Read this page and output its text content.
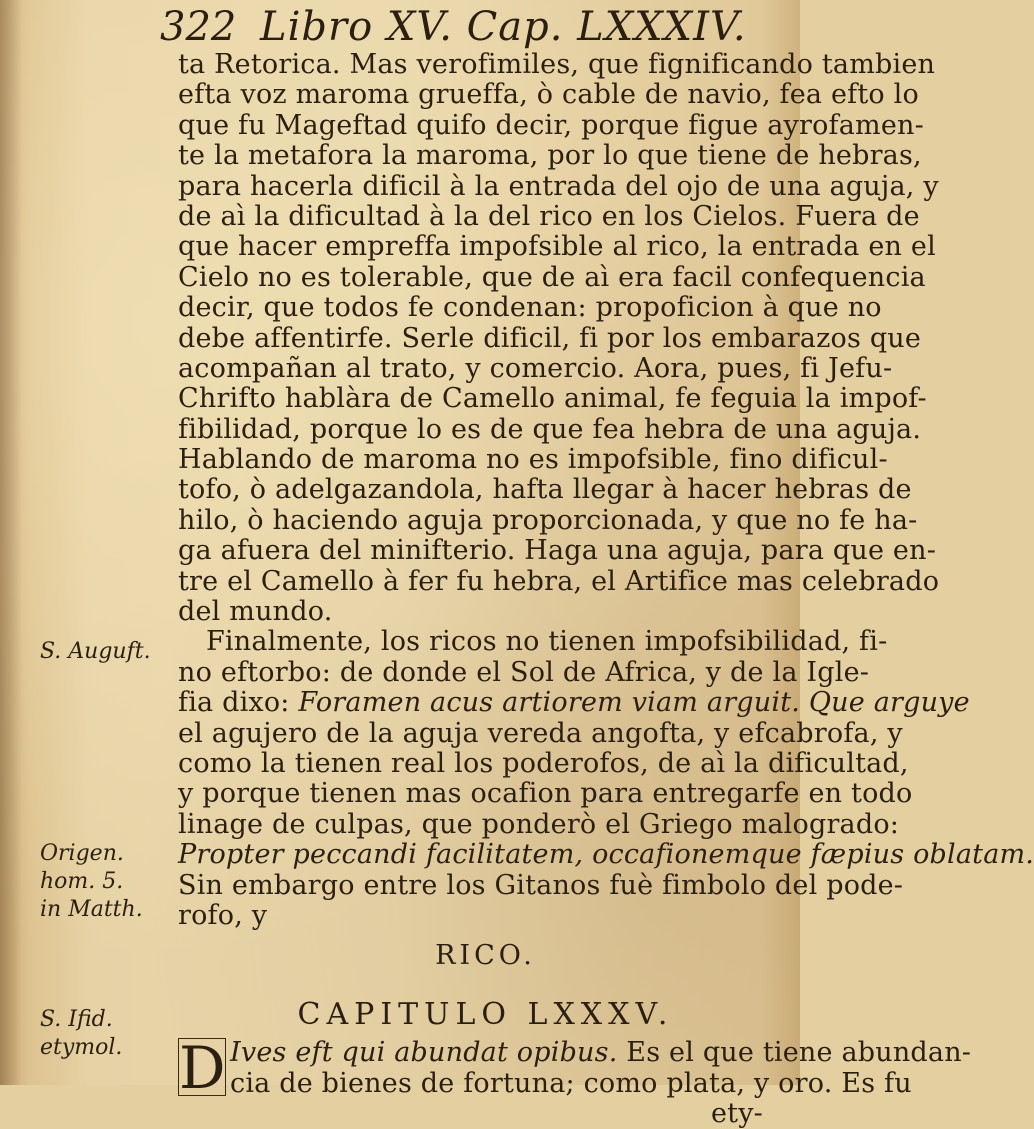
322 Libro XV. Cap. LXXXIV.
ta Retorica. Mas verofimiles, que fignificando tambien
efta voz maroma grueffa, ò cable de navio, fea efto lo
que fu Mageftad quifo decir, porque figue ayrofamen-
te la metafora la maroma, por lo que tiene de hebras,
para hacerla dificil à la entrada del ojo de una aguja, y
de aì la dificultad à la del rico en los Cielos. Fuera de
que hacer empreffa impofsible al rico, la entrada en el
Cielo no es tolerable, que de aì era facil confequencia
decir, que todos fe condenan: propoficion à que no
debe affentirfe. Serle dificil, fi por los embarazos que
acompañan al trato, y comercio. Aora, pues, fi Jefu-
Chrifto hablàra de Camello animal, fe feguia la impof-
fibilidad, porque lo es de que fea hebra de una aguja.
Hablando de maroma no es impofsible, fino dificul-
tofo, ò adelgazandola, hafta llegar à hacer hebras de
hilo, ò haciendo aguja proporcionada, y que no fe ha-
ga afuera del minifterio. Haga una aguja, para que en-
tre el Camello à fer fu hebra, el Artifice mas celebrado
del mundo.
Finalmente, los ricos no tienen impofsibilidad, fi-
no eftorbo: de donde el Sol de Africa, y de la Igle-
fia dixo: Foramen acus artiorem viam arguit. Que arguye
el agujero de la aguja vereda angofta, y efcabrofa, y
como la tienen real los poderofos, de aì la dificultad,
y porque tienen mas ocafion para entregarfe en todo
linage de culpas, que ponderò el Griego malogrado:
Propter peccandi facilitatem, occafionemque fæpius oblatam.
Sin embargo entre los Gitanos fuè fimbolo del pode-
rofo, y
RICO.
CAPITULO LXXXV.
D Ives eft qui abundat opibus. Es el que tiene abundan-
cia de bienes de fortuna; como plata, y oro. Es fu
ety-
S. Auguft.
Origen.
hom. 5.
in Matth.
S. Ifid.
etymol.
